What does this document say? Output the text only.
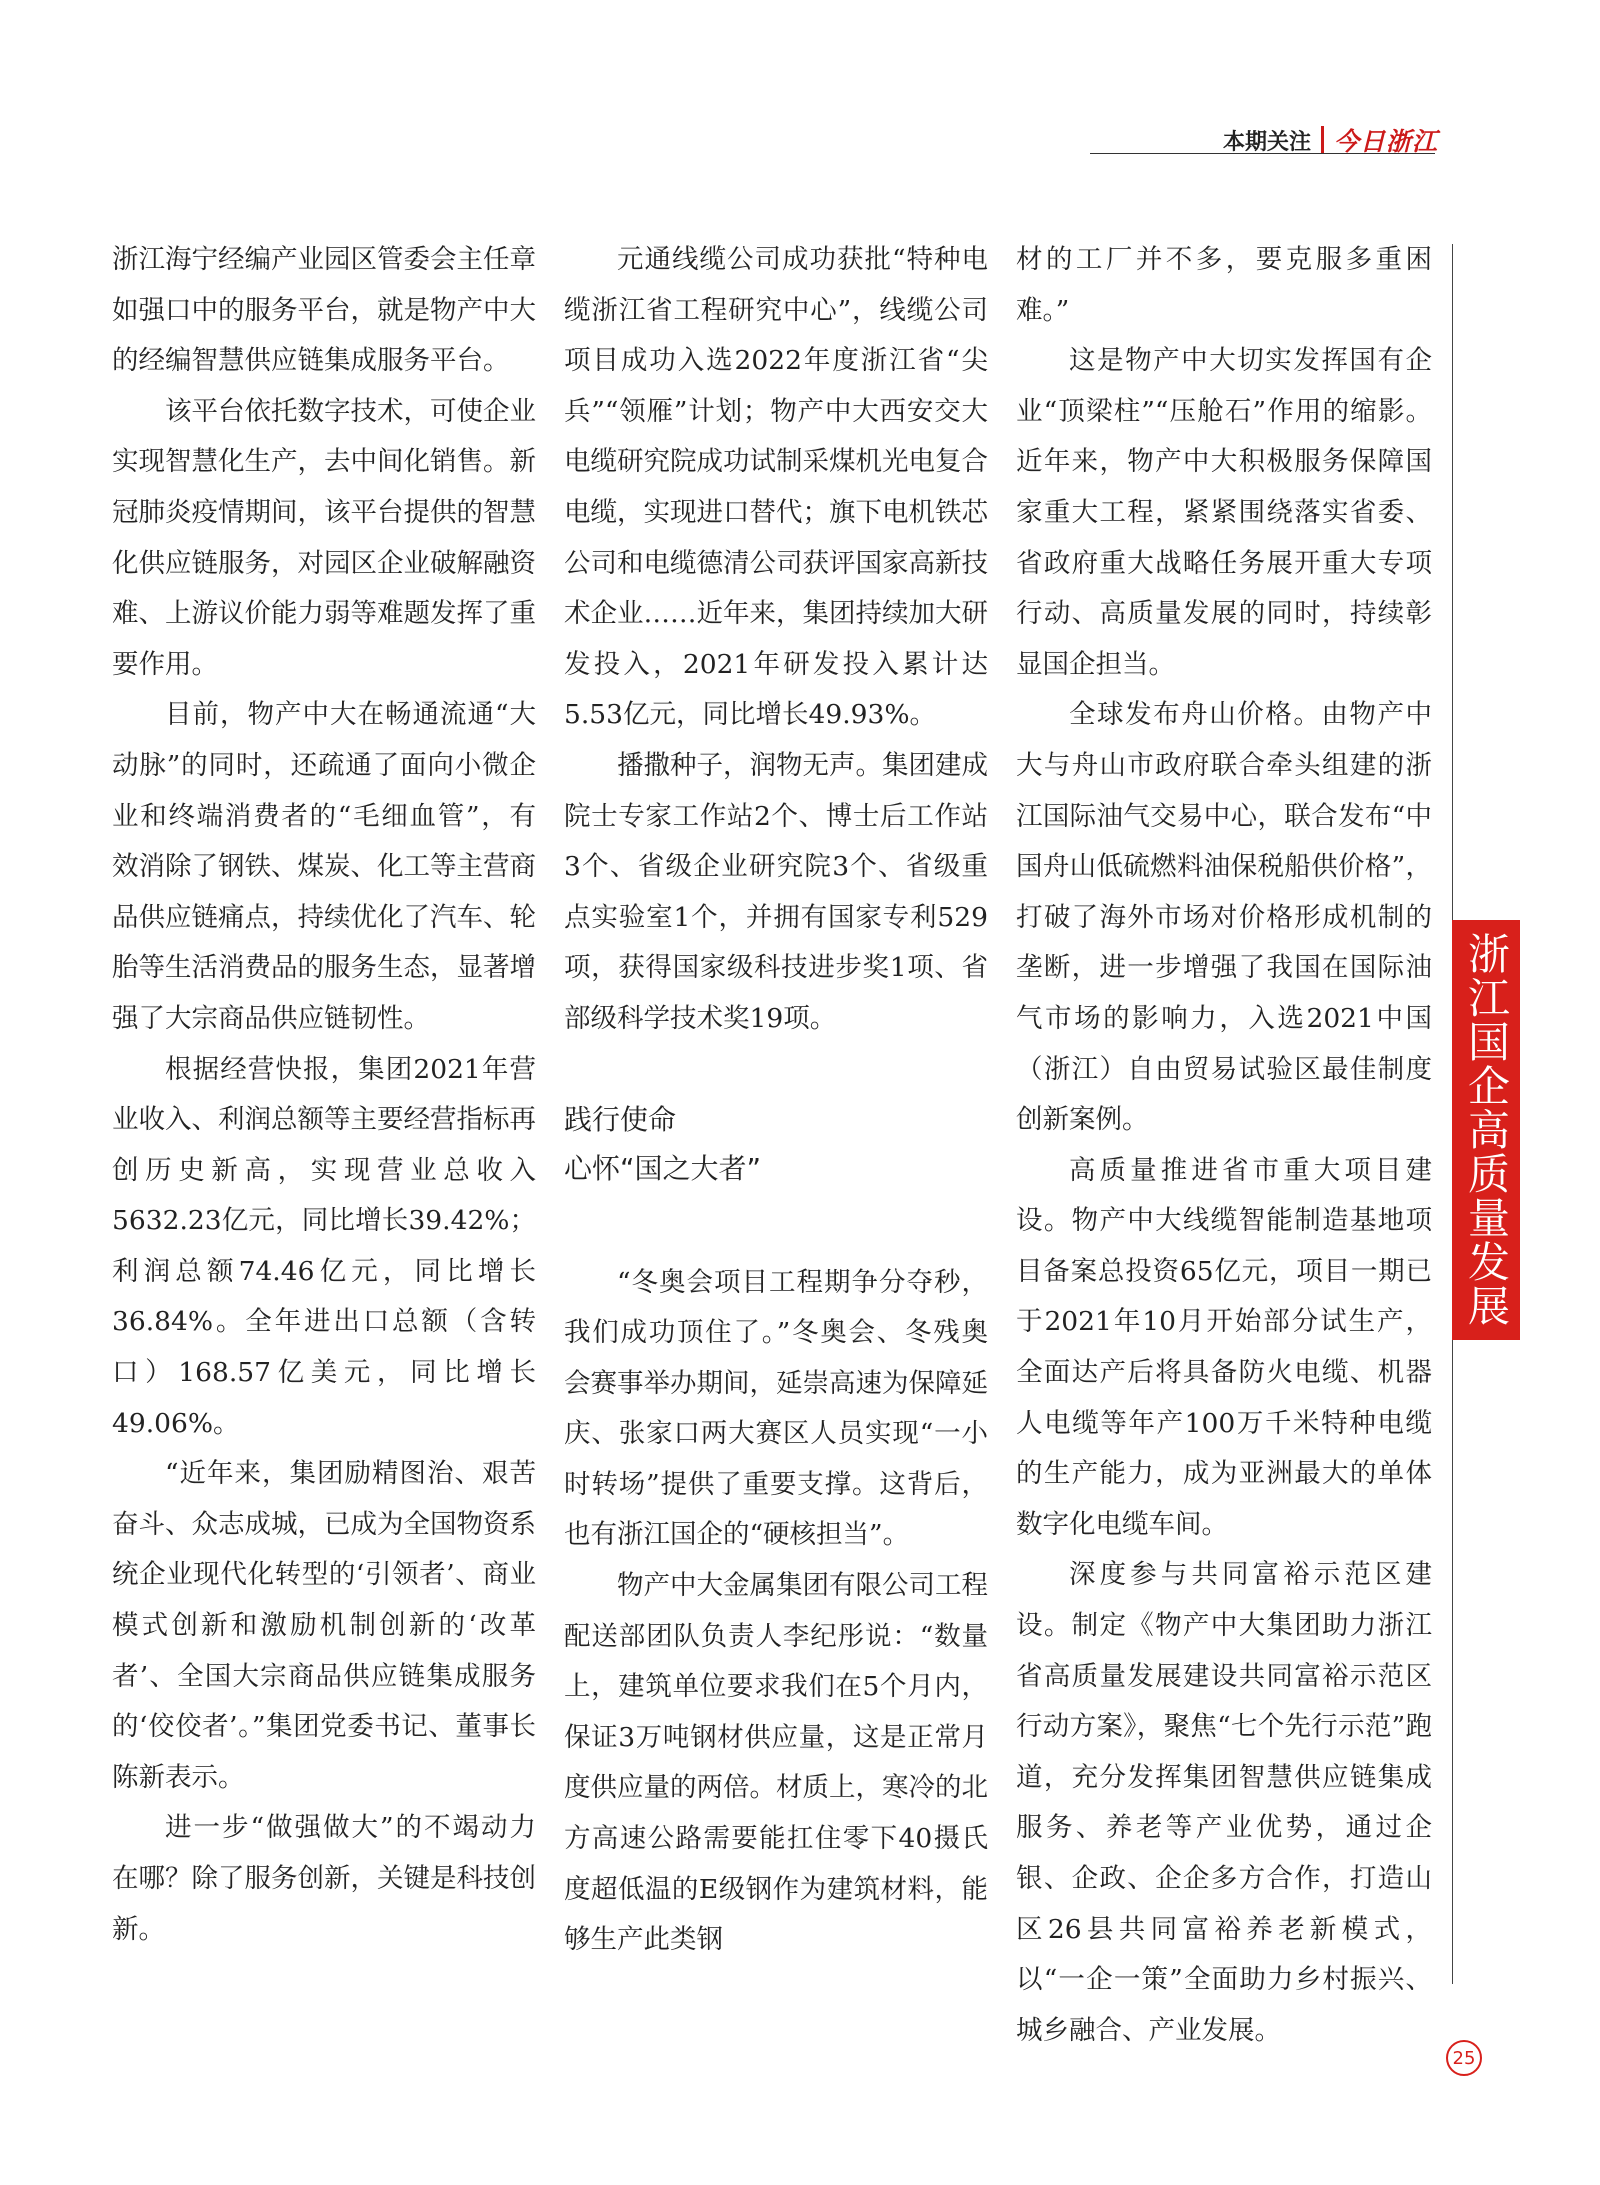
本期关注 今日浙江

浙江海宁经编产业园区管委会主任章如强口中的服务平台，就是物产中大的经编智慧供应链集成服务平台。

该平台依托数字技术，可使企业实现智慧化生产，去中间化销售。新冠肺炎疫情期间，该平台提供的智慧化供应链服务，对园区企业破解融资难、上游议价能力弱等难题发挥了重要作用。

目前，物产中大在畅通流通“大动脉”的同时，还疏通了面向小微企业和终端消费者的“毛细血管”，有效消除了钢铁、煤炭、化工等主营商品供应链痛点，持续优化了汽车、轮胎等生活消费品的服务生态，显著增强了大宗商品供应链韧性。

根据经营快报，集团2021年营业收入、利润总额等主要经营指标再创历史新高，实现营业总收入5632.23亿元，同比增长39.42%；利润总额74.46亿元，同比增长36.84%。全年进出口总额（含转口）168.57亿美元，同比增长49.06%。

“近年来，集团励精图治、艰苦奋斗、众志成城，已成为全国物资系统企业现代化转型的‘引领者’、商业模式创新和激励机制创新的‘改革者’、全国大宗商品供应链集成服务的‘佼佼者’。”集团党委书记、董事长陈新表示。

进一步“做强做大”的不竭动力在哪？除了服务创新，关键是科技创新。

元通线缆公司成功获批“特种电缆浙江省工程研究中心”，线缆公司项目成功入选2022年度浙江省“尖兵”“领雁”计划；物产中大西安交大电缆研究院成功试制采煤机光电复合电缆，实现进口替代；旗下电机铁芯公司和电缆德清公司获评国家高新技术企业……近年来，集团持续加大研发投入，2021年研发投入累计达5.53亿元，同比增长49.93%。

播撒种子，润物无声。集团建成院士专家工作站2个、博士后工作站3个、省级企业研究院3个、省级重点实验室1个，并拥有国家专利529项，获得国家级科技进步奖1项、省部级科学技术奖19项。

践行使命
心怀“国之大者”

“冬奥会项目工程期争分夺秒，我们成功顶住了。”冬奥会、冬残奥会赛事举办期间，延崇高速为保障延庆、张家口两大赛区人员实现“一小时转场”提供了重要支撑。这背后，也有浙江国企的“硬核担当”。

物产中大金属集团有限公司工程配送部团队负责人李纪彤说：“数量上，建筑单位要求我们在5个月内，保证3万吨钢材供应量，这是正常月度供应量的两倍。材质上，寒冷的北方高速公路需要能扛住零下40摄氏度超低温的E级钢作为建筑材料，能够生产此类钢

材的工厂并不多，要克服多重困难。”

这是物产中大切实发挥国有企业“顶梁柱”“压舱石”作用的缩影。近年来，物产中大积极服务保障国家重大工程，紧紧围绕落实省委、省政府重大战略任务展开重大专项行动、高质量发展的同时，持续彰显国企担当。

全球发布舟山价格。由物产中大与舟山市政府联合牵头组建的浙江国际油气交易中心，联合发布“中国舟山低硫燃料油保税船供价格”，打破了海外市场对价格形成机制的垄断，进一步增强了我国在国际油气市场的影响力，入选2021中国（浙江）自由贸易试验区最佳制度创新案例。

高质量推进省市重大项目建设。物产中大线缆智能制造基地项目备案总投资65亿元，项目一期已于2021年10月开始部分试生产，全面达产后将具备防火电缆、机器人电缆等年产100万千米特种电缆的生产能力，成为亚洲最大的单体数字化电缆车间。

深度参与共同富裕示范区建设。制定《物产中大集团助力浙江省高质量发展建设共同富裕示范区行动方案》，聚焦“七个先行示范”跑道，充分发挥集团智慧供应链集成服务、养老等产业优势，通过企银、企政、企企多方合作，打造山区26县共同富裕养老新模式，以“一企一策”全面助力乡村振兴、城乡融合、产业发展。

浙江国企高质量发展
25
